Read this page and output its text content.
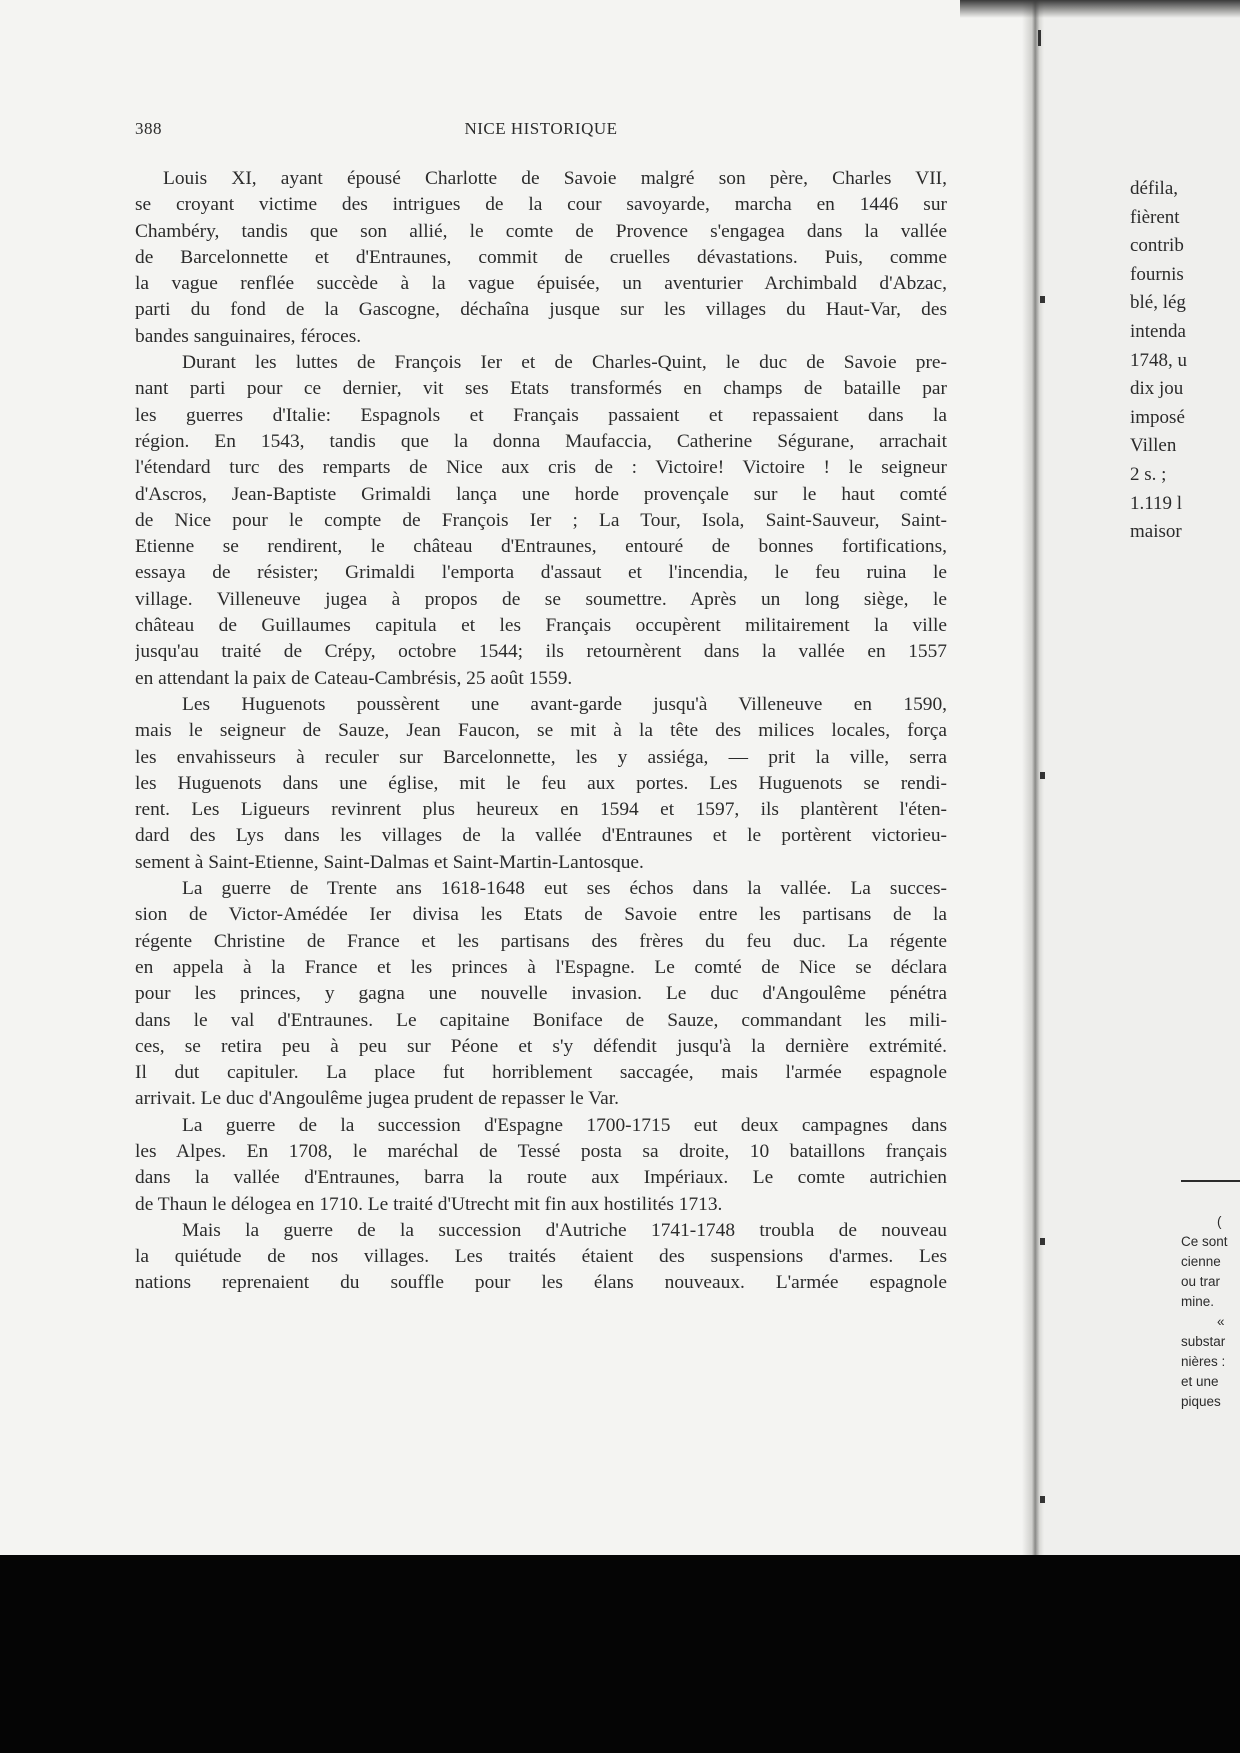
388	NICE HISTORIQUE
Louis XI, ayant épousé Charlotte de Savoie malgré son père, Charles VII,
se croyant victime des intrigues de la cour savoyarde, marcha en 1446 sur
Chambéry, tandis que son allié, le comte de Provence s'engagea dans la vallée
de Barcelonnette et d'Entraunes, commit de cruelles dévastations. Puis, comme
la vague renflée succède à la vague épuisée, un aventurier Archimbald d'Abzac,
parti du fond de la Gascogne, déchaîna jusque sur les villages du Haut-Var, des
bandes sanguinaires, féroces.
Durant les luttes de François Ier et de Charles-Quint, le duc de Savoie pre-
nant parti pour ce dernier, vit ses Etats transformés en champs de bataille par
les guerres d'Italie: Espagnols et Français passaient et repassaient dans la
région. En 1543, tandis que la donna Maufaccia, Catherine Ségurane, arrachait
l'étendard turc des remparts de Nice aux cris de : Victoire! Victoire ! le seigneur
d'Ascros, Jean-Baptiste Grimaldi lança une horde provençale sur le haut comté
de Nice pour le compte de François Ier ; La Tour, Isola, Saint-Sauveur, Saint-
Etienne se rendirent, le château d'Entraunes, entouré de bonnes fortifications,
essaya de résister; Grimaldi l'emporta d'assaut et l'incendia, le feu ruina le
village. Villeneuve jugea à propos de se soumettre. Après un long siège, le
château de Guillaumes capitula et les Français occupèrent militairement la ville
jusqu'au traité de Crépy, octobre 1544; ils retournèrent dans la vallée en 1557
en attendant la paix de Cateau-Cambrésis, 25 août 1559.
Les Huguenots poussèrent une avant-garde jusqu'à Villeneuve en 1590,
mais le seigneur de Sauze, Jean Faucon, se mit à la tête des milices locales, força
les envahisseurs à reculer sur Barcelonnette, les y assiéga, — prit la ville, serra
les Huguenots dans une église, mit le feu aux portes. Les Huguenots se rendi-
rent. Les Ligueurs revinrent plus heureux en 1594 et 1597, ils plantèrent l'éten-
dard des Lys dans les villages de la vallée d'Entraunes et le portèrent victorieu-
sement à Saint-Etienne, Saint-Dalmas et Saint-Martin-Lantosque.
La guerre de Trente ans 1618-1648 eut ses échos dans la vallée. La succes-
sion de Victor-Amédée Ier divisa les Etats de Savoie entre les partisans de la
régente Christine de France et les partisans des frères du feu duc. La régente
en appela à la France et les princes à l'Espagne. Le comté de Nice se déclara
pour les princes, y gagna une nouvelle invasion. Le duc d'Angoulême pénétra
dans le val d'Entraunes. Le capitaine Boniface de Sauze, commandant les mili-
ces, se retira peu à peu sur Péone et s'y défendit jusqu'à la dernière extrémité.
Il dut capituler. La place fut horriblement saccagée, mais l'armée espagnole
arrivait. Le duc d'Angoulême jugea prudent de repasser le Var.
La guerre de la succession d'Espagne 1700-1715 eut deux campagnes dans
les Alpes. En 1708, le maréchal de Tessé posta sa droite, 10 bataillons français
dans la vallée d'Entraunes, barra la route aux Impériaux. Le comte autrichien
de Thaun le délogea en 1710. Le traité d'Utrecht mit fin aux hostilités 1713.
Mais la guerre de la succession d'Autriche 1741-1748 troubla de nouveau
la quiétude de nos villages. Les traités étaient des suspensions d'armes. Les
nations reprenaient du souffle pour les élans nouveaux. L'armée espagnole
défila,
fièrent
contrib
fournis
blé, lég
intenda
1748, u
dix jou
imposé
Villen
2 s. ;
1.119 l
maisor
(
Ce sont
cienne
ou trar
mine.
«
substar
nières :
et une
piques
